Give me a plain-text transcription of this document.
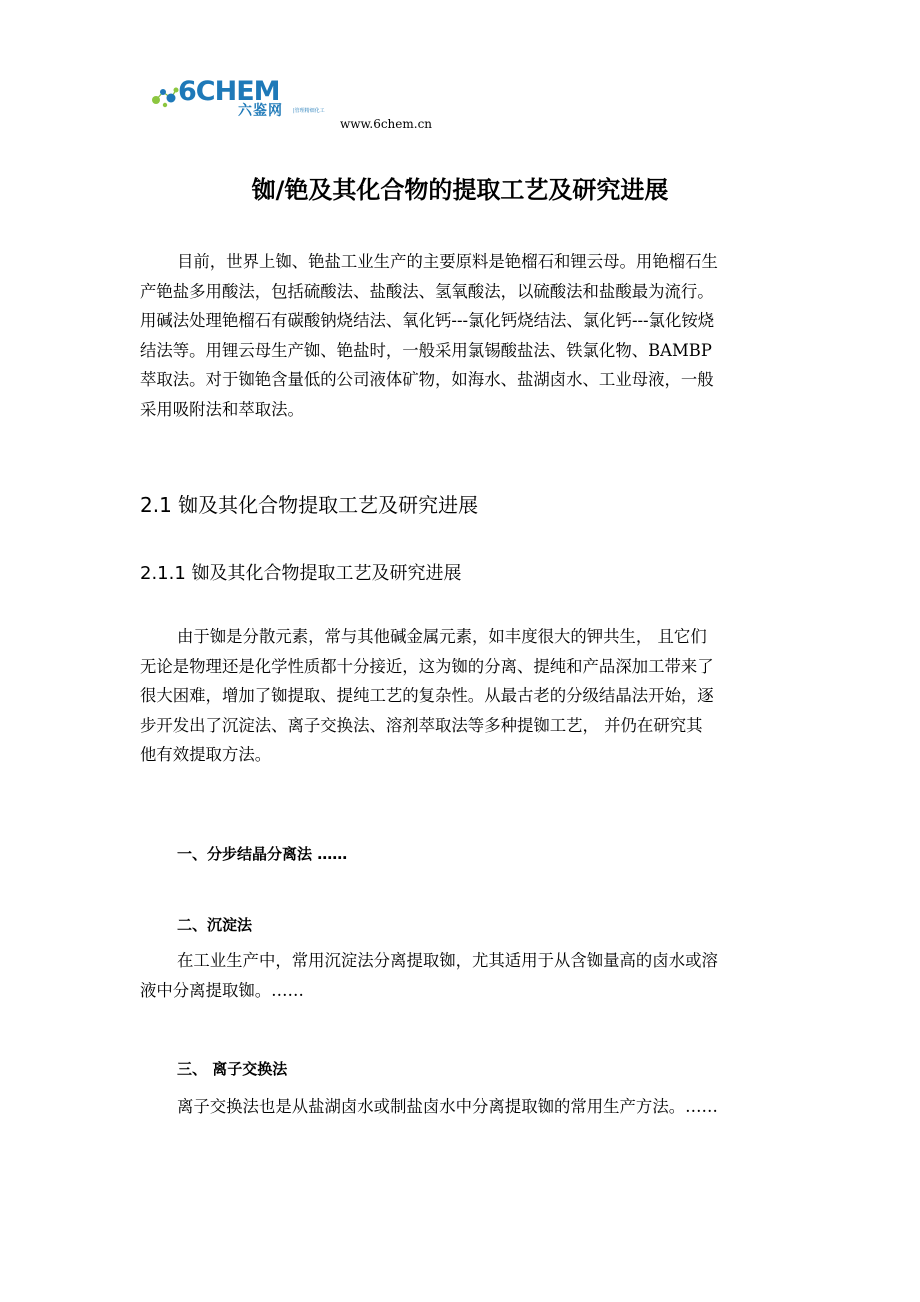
6CHEM
六鉴网 |管理精细化工
www.6chem.cn
铷/铯及其化合物的提取工艺及研究进展
目前，世界上铷、铯盐工业生产的主要原料是铯榴石和锂云母。用铯榴石生
产铯盐多用酸法，包括硫酸法、盐酸法、氢氧酸法，以硫酸法和盐酸最为流行。
用碱法处理铯榴石有碳酸钠烧结法、氧化钙---氯化钙烧结法、氯化钙---氯化铵烧
结法等。用锂云母生产铷、铯盐时，一般采用氯锡酸盐法、铁氯化物、BAMBP
萃取法。对于铷铯含量低的公司液体矿物，如海水、盐湖卤水、工业母液，一般
采用吸附法和萃取法。
2.1 铷及其化合物提取工艺及研究进展
2.1.1 铷及其化合物提取工艺及研究进展
由于铷是分散元素，常与其他碱金属元素，如丰度很大的钾共生， 且它们
无论是物理还是化学性质都十分接近，这为铷的分离、提纯和产品深加工带来了
很大困难，增加了铷提取、提纯工艺的复杂性。从最古老的分级结晶法开始，逐
步开发出了沉淀法、离子交换法、溶剂萃取法等多种提铷工艺， 并仍在研究其
他有效提取方法。
一、分步结晶分离法 ……
二、沉淀法
在工业生产中，常用沉淀法分离提取铷，尤其适用于从含铷量高的卤水或溶
液中分离提取铷。……
三、 离子交换法
离子交换法也是从盐湖卤水或制盐卤水中分离提取铷的常用生产方法。……
